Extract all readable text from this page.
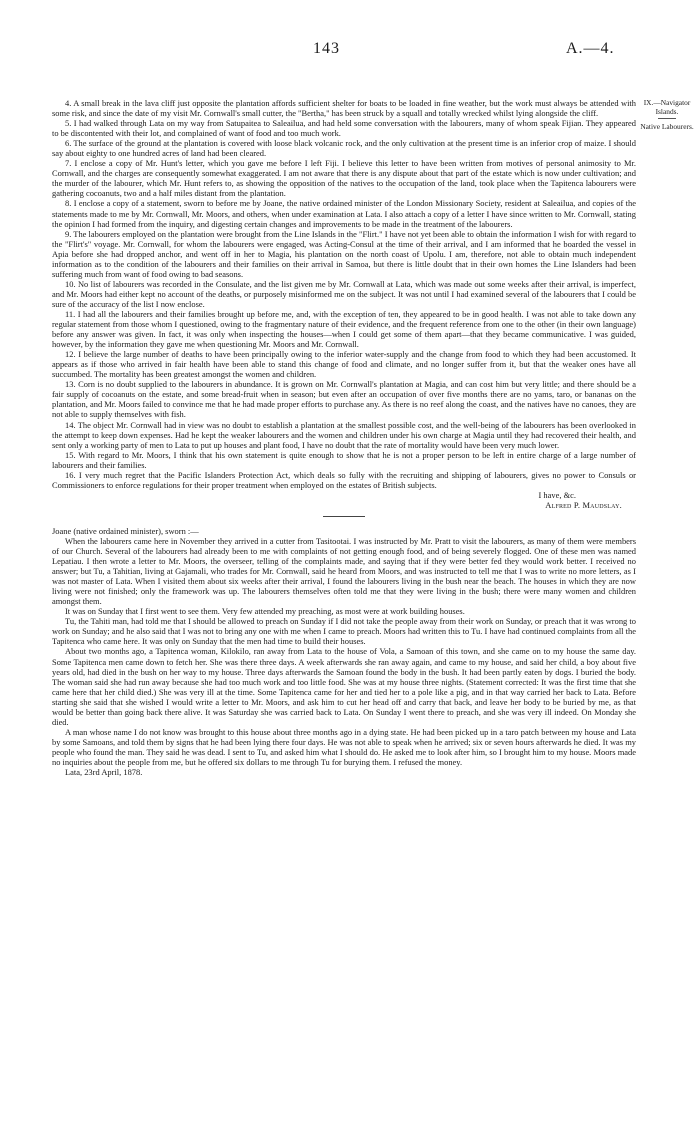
143	A.—4.
IX.—Navigator Islands.
Native Labourers.

4. A small break in the lava cliff just opposite the plantation affords sufficient shelter for boats to be loaded in fine weather, but the work must always be attended with some risk, and since the date of my visit Mr. Cornwall's small cutter, the "Bertha," has been struck by a squall and totally wrecked whilst lying alongside the cliff.

5. I had walked through Lata on my way from Satupaitea to Saleailua, and had held some conversation with the labourers, many of whom speak Fijian. They appeared to be discontented with their lot, and complained of want of food and too much work.

6. The surface of the ground at the plantation is covered with loose black volcanic rock, and the only cultivation at the present time is an inferior crop of maize. I should say about eighty to one hundred acres of land had been cleared.

7. I enclose a copy of Mr. Hunt's letter, which you gave me before I left Fiji. I believe this letter to have been written from motives of personal animosity to Mr. Cornwall, and the charges are consequently somewhat exaggerated. I am not aware that there is any dispute about that part of the estate which is now under cultivation; and the murder of the labourer, which Mr. Hunt refers to, as showing the opposition of the natives to the occupation of the land, took place when the Tapitenca labourers were gathering cocoanuts, two and a half miles distant from the plantation.

8. I enclose a copy of a statement, sworn to before me by Joane, the native ordained minister of the London Missionary Society, resident at Saleailua, and copies of the statements made to me by Mr. Cornwall, Mr. Moors, and others, when under examination at Lata. I also attach a copy of a letter I have since written to Mr. Cornwall, stating the opinion I had formed from the inquiry, and digesting certain changes and improvements to be made in the treatment of the labourers.

9. The labourers employed on the plantation were brought from the Line Islands in the "Flirt." I have not yet been able to obtain the information I wish for with regard to the "Flirt's" voyage. Mr. Cornwall, for whom the labourers were engaged, was Acting-Consul at the time of their arrival, and I am informed that he boarded the vessel in Apia before she had dropped anchor, and went off in her to Magia, his plantation on the north coast of Upolu. I am, therefore, not able to obtain much independent information as to the condition of the labourers and their families on their arrival in Samoa, but there is little doubt that in their own homes the Line Islanders had been suffering much from want of food owing to bad seasons.

10. No list of labourers was recorded in the Consulate, and the list given me by Mr. Cornwall at Lata, which was made out some weeks after their arrival, is imperfect, and Mr. Moors had either kept no account of the deaths, or purposely misinformed me on the subject. It was not until I had examined several of the labourers that I could be sure of the accuracy of the list I now enclose.

11. I had all the labourers and their families brought up before me, and, with the exception of ten, they appeared to be in good health. I was not able to take down any regular statement from those whom I questioned, owing to the fragmentary nature of their evidence, and the frequent reference from one to the other (in their own language) before any answer was given. In fact, it was only when inspecting the houses—when I could get some of them apart—that they became communicative. I was guided, however, by the information they gave me when questioning Mr. Moors and Mr. Cornwall.

12. I believe the large number of deaths to have been principally owing to the inferior water-supply and the change from food to which they had been accustomed. It appears as if those who arrived in fair health have been able to stand this change of food and climate, and no longer suffer from it, but that the weaker ones have all succumbed. The mortality has been greatest amongst the women and children.

13. Corn is no doubt supplied to the labourers in abundance. It is grown on Mr. Cornwall's plantation at Magia, and can cost him but very little; and there should be a fair supply of cocoanuts on the estate, and some bread-fruit when in season; but even after an occupation of over five months there are no yams, taro, or bananas on the plantation, and Mr. Moors failed to convince me that he had made proper efforts to purchase any. As there is no reef along the coast, and the natives have no canoes, they are not able to supply themselves with fish.

14. The object Mr. Cornwall had in view was no doubt to establish a plantation at the smallest possible cost, and the well-being of the labourers has been overlooked in the attempt to keep down expenses. Had he kept the weaker labourers and the women and children under his own charge at Magia until they had recovered their health, and sent only a working party of men to Lata to put up houses and plant food, I have no doubt that the rate of mortality would have been very much lower.

15. With regard to Mr. Moors, I think that his own statement is quite enough to show that he is not a proper person to be left in entire charge of a large number of labourers and their families.

16. I very much regret that the Pacific Islanders Protection Act, which deals so fully with the recruiting and shipping of labourers, gives no power to Consuls or Commissioners to enforce regulations for their proper treatment when employed on the estates of British subjects.

I have, &c.

Alfred P. Maudslay.

Joane (native ordained minister), sworn :—

When the labourers came here in November they arrived in a cutter from Tasitootai. I was instructed by Mr. Pratt to visit the labourers, as many of them were members of our Church. Several of the labourers had already been to me with complaints of not getting enough food, and of being severely flogged. One of these men was named Lepatiau. I then wrote a letter to Mr. Moors, the overseer, telling of the complaints made, and saying that if they were better fed they would work better. I received no answer; but Tu, a Tahitian, living at Gajamali, who trades for Mr. Cornwall, said he heard from Moors, and was instructed to tell me that I was to write no more letters, as I was not master of Lata. When I visited them about six weeks after their arrival, I found the labourers living in the bush near the beach. The houses in which they are now living were not finished; only the framework was up. The labourers themselves often told me that they were living in the bush; there were many women and children amongst them.

It was on Sunday that I first went to see them. Very few attended my preaching, as most were at work building houses.

Tu, the Tahiti man, had told me that I should be allowed to preach on Sunday if I did not take the people away from their work on Sunday, or preach that it was wrong to work on Sunday; and he also said that I was not to bring any one with me when I came to preach. Moors had written this to Tu. I have had continued complaints from all the Tapitenca who came here. It was only on Sunday that the men had time to build their houses.

About two months ago, a Tapitenca woman, Kilokilo, ran away from Lata to the house of Vola, a Samoan of this town, and she came on to my house the same day. Some Tapitenca men came down to fetch her. She was there three days. A week afterwards she ran away again, and came to my house, and said her child, a boy about five years old, had died in the bush on her way to my house. Three days afterwards the Samoan found the body in the bush. It had been partly eaten by dogs. I buried the body. The woman said she had run away because she had too much work and too little food. She was at my house three nights. (Statement corrected: It was the first time that she came here that her child died.) She was very ill at the time. Some Tapitenca came for her and tied her to a pole like a pig, and in that way carried her back to Lata. Before starting she said that she wished I would write a letter to Mr. Moors, and ask him to cut her head off and carry that back, and leave her body to be buried by me, as that would be better than going back there alive. It was Saturday she was carried back to Lata. On Sunday I went there to preach, and she was very ill indeed. On Monday she died.

A man whose name I do not know was brought to this house about three months ago in a dying state. He had been picked up in a taro patch between my house and Lata by some Samoans, and told them by signs that he had been lying there four days. He was not able to speak when he arrived; six or seven hours afterwards he died. It was my people who found the man. They said he was dead. I sent to Tu, and asked him what I should do. He asked me to look after him, so I brought him to my house. Moors made no inquiries about the people from me, but he offered six dollars to me through Tu for burying them. I refused the money.

Lata, 23rd April, 1878.
